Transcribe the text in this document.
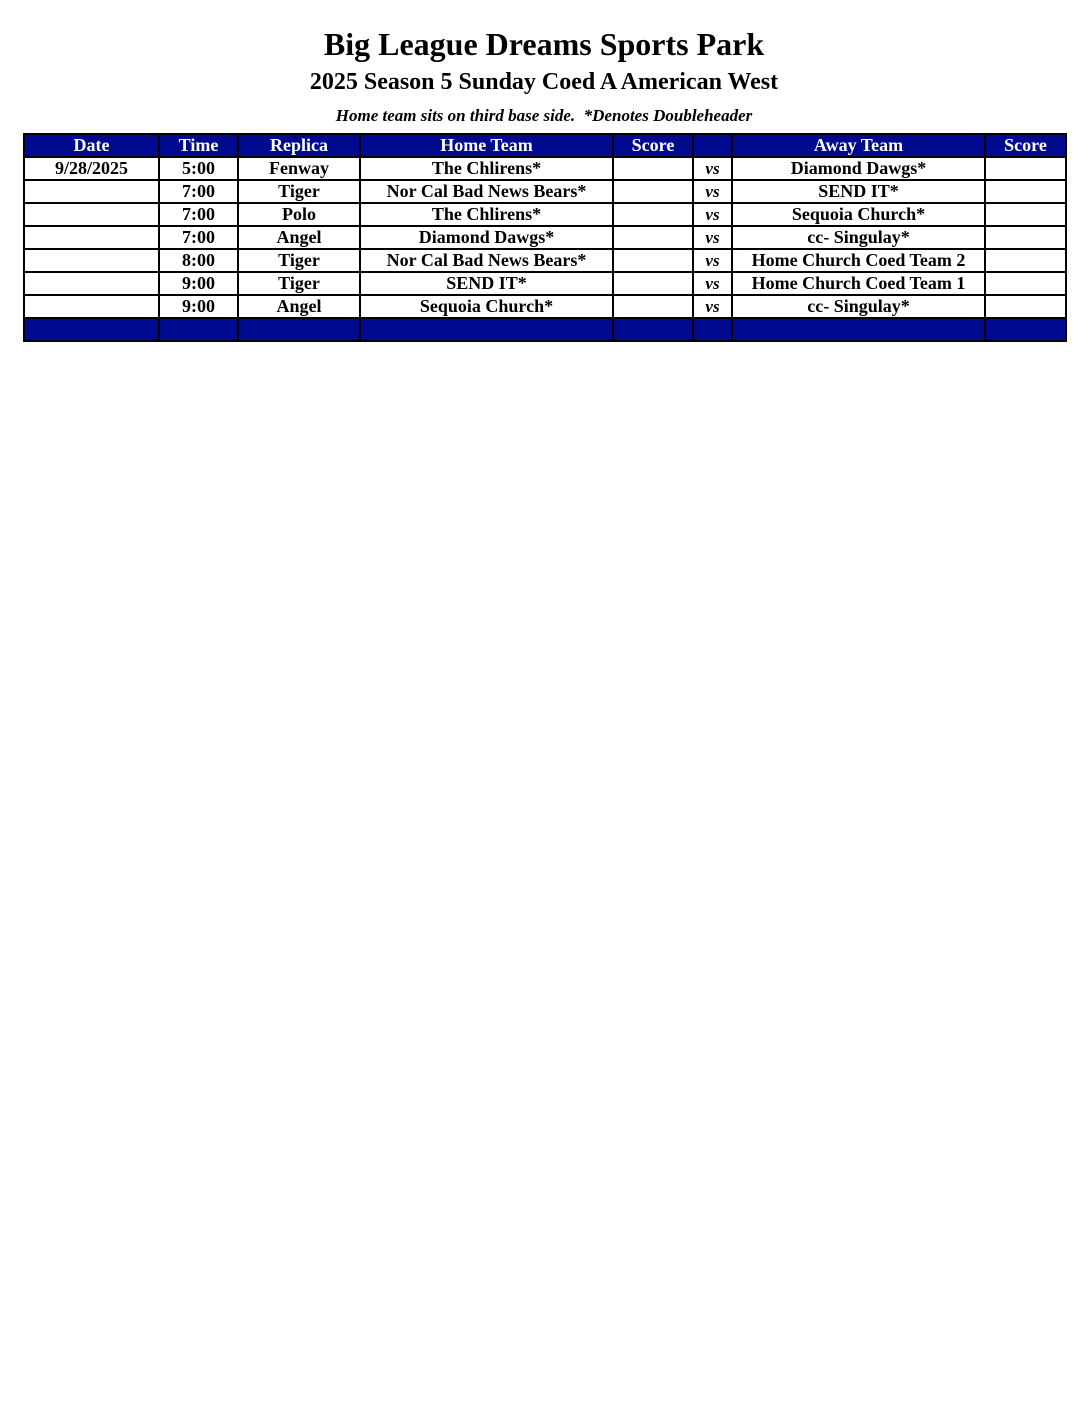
Big League Dreams Sports Park
2025 Season 5 Sunday Coed A American West
Home team sits on third base side.  *Denotes Doubleheader
Date	Time	Replica	Home Team	Score		Away Team	Score
9/28/2025	5:00	Fenway	The Chlirens*		vs	Diamond Dawgs*	
	7:00	Tiger	Nor Cal Bad News Bears*		vs	SEND IT*	
	7:00	Polo	The Chlirens*		vs	Sequoia Church*	
	7:00	Angel	Diamond Dawgs*		vs	cc- Singulay*	
	8:00	Tiger	Nor Cal Bad News Bears*		vs	Home Church Coed Team 2	
	9:00	Tiger	SEND IT*		vs	Home Church Coed Team 1	
	9:00	Angel	Sequoia Church*		vs	cc- Singulay*	
